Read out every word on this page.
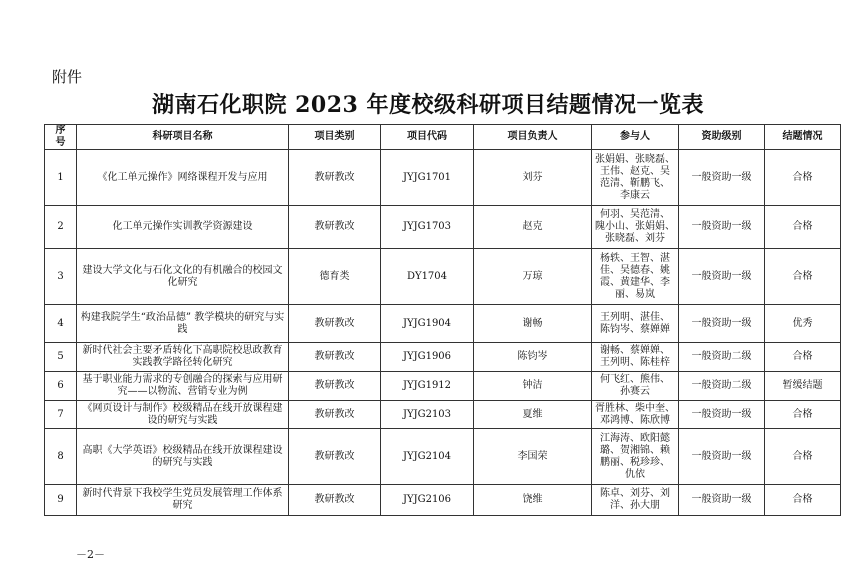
附件
湖南石化职院 2023 年度校级科研项目结题情况一览表
序
号	科研项目名称	项目类别	项目代码	项目负责人	参与人	资助级别	结题情况
1	《化工单元操作》网络课程开发与应用	教研教改	JYJG1701	刘芬	张娟娟、张晓磊、
王伟、赵克、吴
范清、靳鹏飞、
李康云	一般资助一级	合格
2	化工单元操作实训教学资源建设	教研教改	JYJG1703	赵克	何羽、吴范清、
隗小山、张娟娟、
张晓磊、刘芬	一般资助一级	合格
3	建设大学文化与石化文化的有机融合的校园文化研究	德育类	DY1704	万琼	杨轶、王智、湛
佳、吴德春、姚
霞、黄建华、李
丽、易岚	一般资助一级	合格
4	构建我院学生“政治品德” 教学模块的研究与实践	教研教改	JYJG1904	谢畅	王列明、湛佳、
陈钧岑、蔡婵婵	一般资助一级	优秀
5	新时代社会主要矛盾转化下高职院校思政教育实践教学路径转化研究	教研教改	JYJG1906	陈钧岑	谢畅、蔡婵婵、
王列明、陈桂梓	一般资助二级	合格
6	基于职业能力需求的专创融合的探索与应用研究——以物流、营销专业为例	教研教改	JYJG1912	钟洁	何飞红、熊伟、
孙赛云	一般资助二级	暂缓结题
7	《网页设计与制作》校级精品在线开放课程建设的研究与实践	教研教改	JYJG2103	夏维	胥胜林、柴中奎、
邓鸿博、陈欣博	一般资助一级	合格
8	高职《大学英语》校级精品在线开放课程建设的研究与实践	教研教改	JYJG2104	李国荣	江海涛、欧阳懿
璐、贺湘锦、赖
鹏丽、税珍珍、
仇依	一般资助一级	合格
9	新时代背景下我校学生党员发展管理工作体系研究	教研教改	JYJG2106	饶维	陈卓、刘芬、刘
洋、孙大朋	一般资助一级	合格
－2－
